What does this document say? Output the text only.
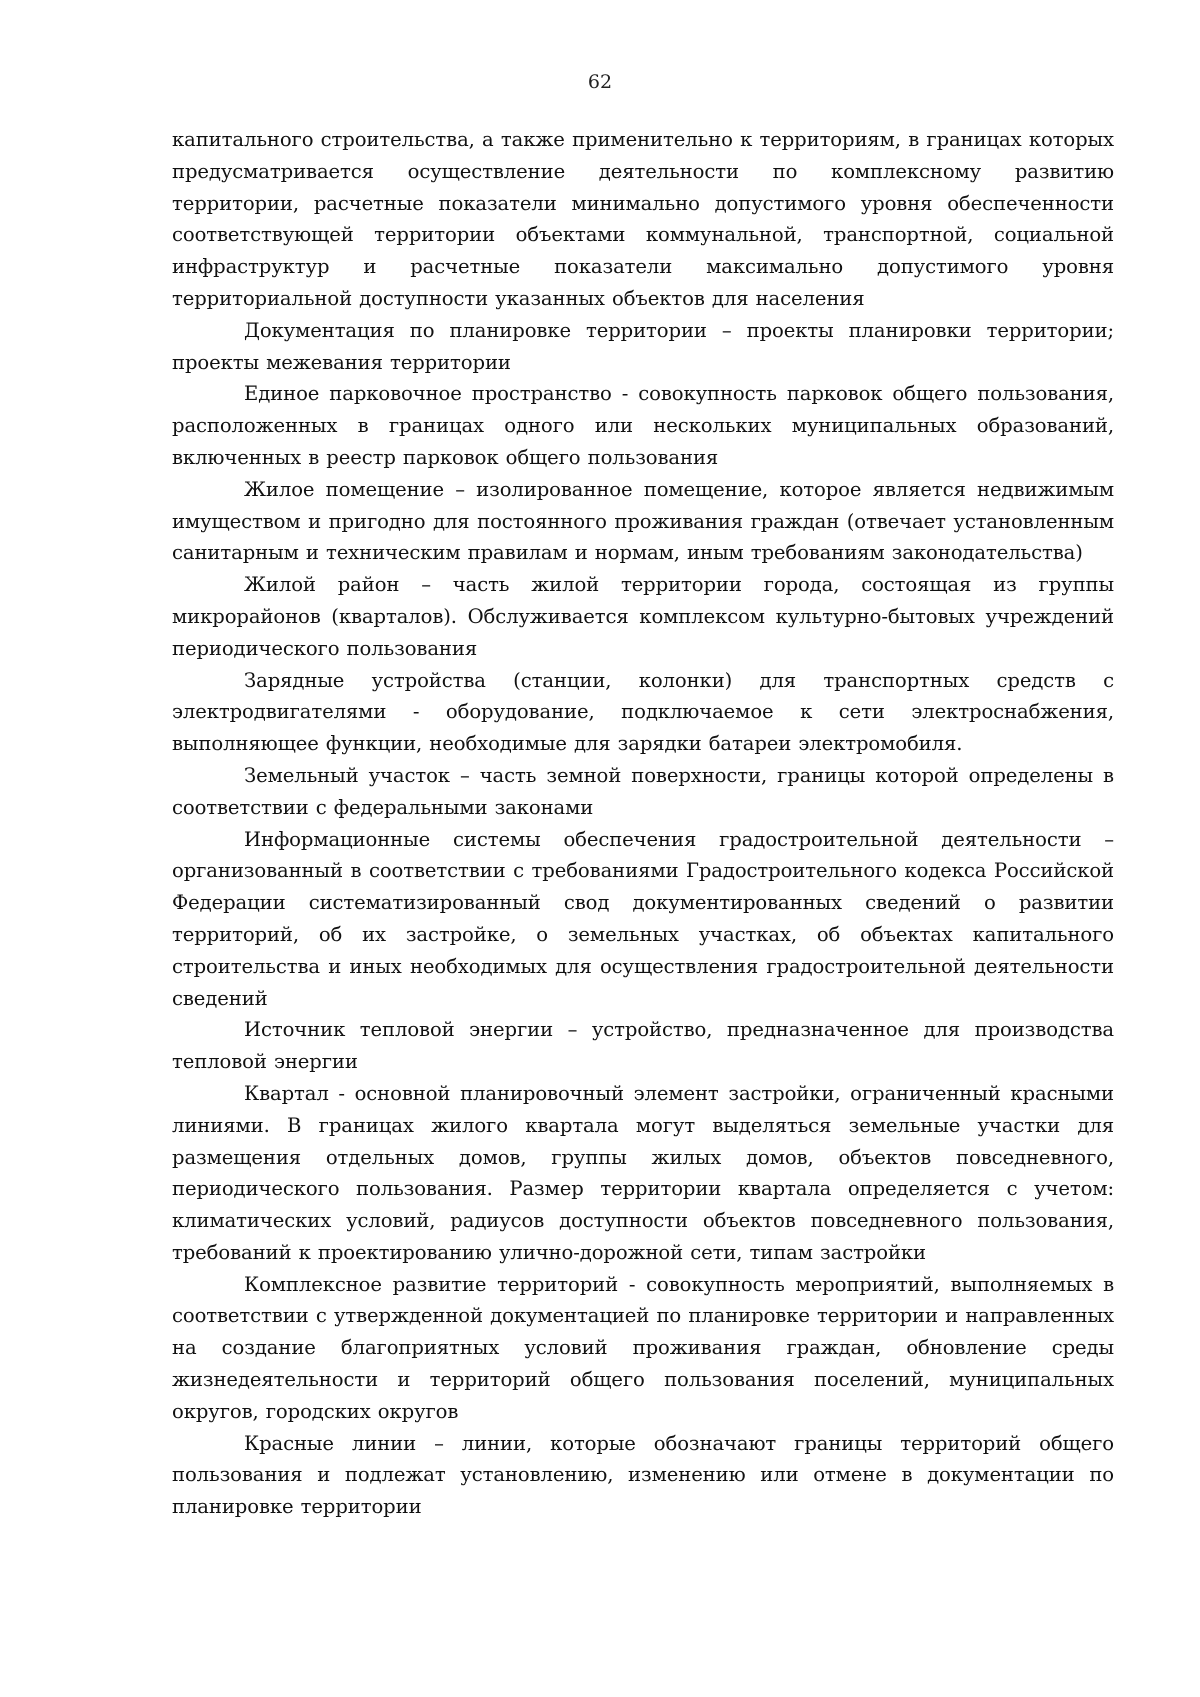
62

капитального строительства, а также применительно к территориям, в границах которых предусматривается осуществление деятельности по комплексному развитию территории, расчетные показатели минимально допустимого уровня обеспеченности соответствующей территории объектами коммунальной, транспортной, социальной инфраструктур и расчетные показатели максимально допустимого уровня территориальной доступности указанных объектов для населения

Документация по планировке территории – проекты планировки территории; проекты межевания территории

Единое парковочное пространство - совокупность парковок общего пользования, расположенных в границах одного или нескольких муниципальных образований, включенных в реестр парковок общего пользования

Жилое помещение – изолированное помещение, которое является недвижимым имуществом и пригодно для постоянного проживания граждан (отвечает установленным санитарным и техническим правилам и нормам, иным требованиям законодательства)

Жилой район – часть жилой территории города, состоящая из группы микрорайонов (кварталов). Обслуживается комплексом культурно-бытовых учреждений периодического пользования

Зарядные устройства (станции, колонки) для транспортных средств с электродвигателями - оборудование, подключаемое к сети электроснабжения, выполняющее функции, необходимые для зарядки батареи электромобиля.

Земельный участок – часть земной поверхности, границы которой определены в соответствии с федеральными законами

Информационные системы обеспечения градостроительной деятельности – организованный в соответствии с требованиями Градостроительного кодекса Российской Федерации систематизированный свод документированных сведений о развитии территорий, об их застройке, о земельных участках, об объектах капитального строительства и иных необходимых для осуществления градостроительной деятельности сведений

Источник тепловой энергии – устройство, предназначенное для производства тепловой энергии

Квартал - основной планировочный элемент застройки, ограниченный красными линиями. В границах жилого квартала могут выделяться земельные участки для размещения отдельных домов, группы жилых домов, объектов повседневного, периодического пользования. Размер территории квартала определяется с учетом: климатических условий, радиусов доступности объектов повседневного пользования, требований к проектированию улично-дорожной сети, типам застройки

Комплексное развитие территорий - совокупность мероприятий, выполняемых в соответствии с утвержденной документацией по планировке территории и направленных на создание благоприятных условий проживания граждан, обновление среды жизнедеятельности и территорий общего пользования поселений, муниципальных округов, городских округов

Красные линии – линии, которые обозначают границы территорий общего пользования и подлежат установлению, изменению или отмене в документации по планировке территории
